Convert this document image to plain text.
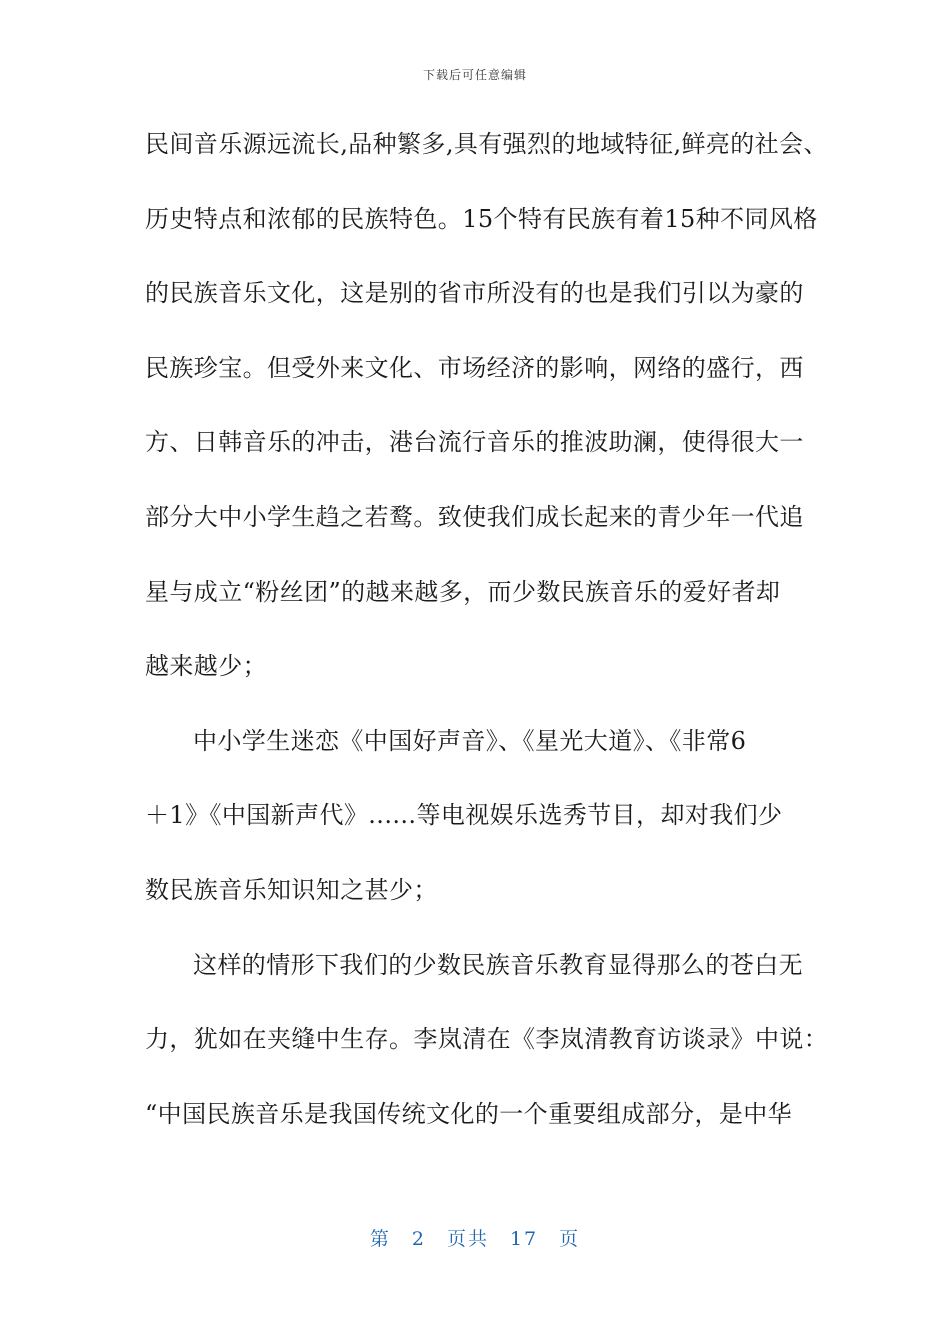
下载后可任意编辑
民间音乐源远流长,品种繁多,具有强烈的地域特征,鲜亮的社会、
历史特点和浓郁的民族特色。15个特有民族有着15种不同风格
的民族音乐文化，这是别的省市所没有的也是我们引以为豪的
民族珍宝。但受外来文化、市场经济的影响，网络的盛行，西
方、日韩音乐的冲击，港台流行音乐的推波助澜，使得很大一
部分大中小学生趋之若鹜。致使我们成长起来的青少年一代追
星与成立“粉丝团”的越来越多，而少数民族音乐的爱好者却
越来越少；
中小学生迷恋《中国好声音》、《星光大道》、《非常6
＋1》《中国新声代》......等电视娱乐选秀节目，却对我们少
数民族音乐知识知之甚少；
这样的情形下我们的少数民族音乐教育显得那么的苍白无
力，犹如在夹缝中生存。李岚清在《李岚清教育访谈录》中说：
“中国民族音乐是我国传统文化的一个重要组成部分，是中华
第　2　页共　17　页
